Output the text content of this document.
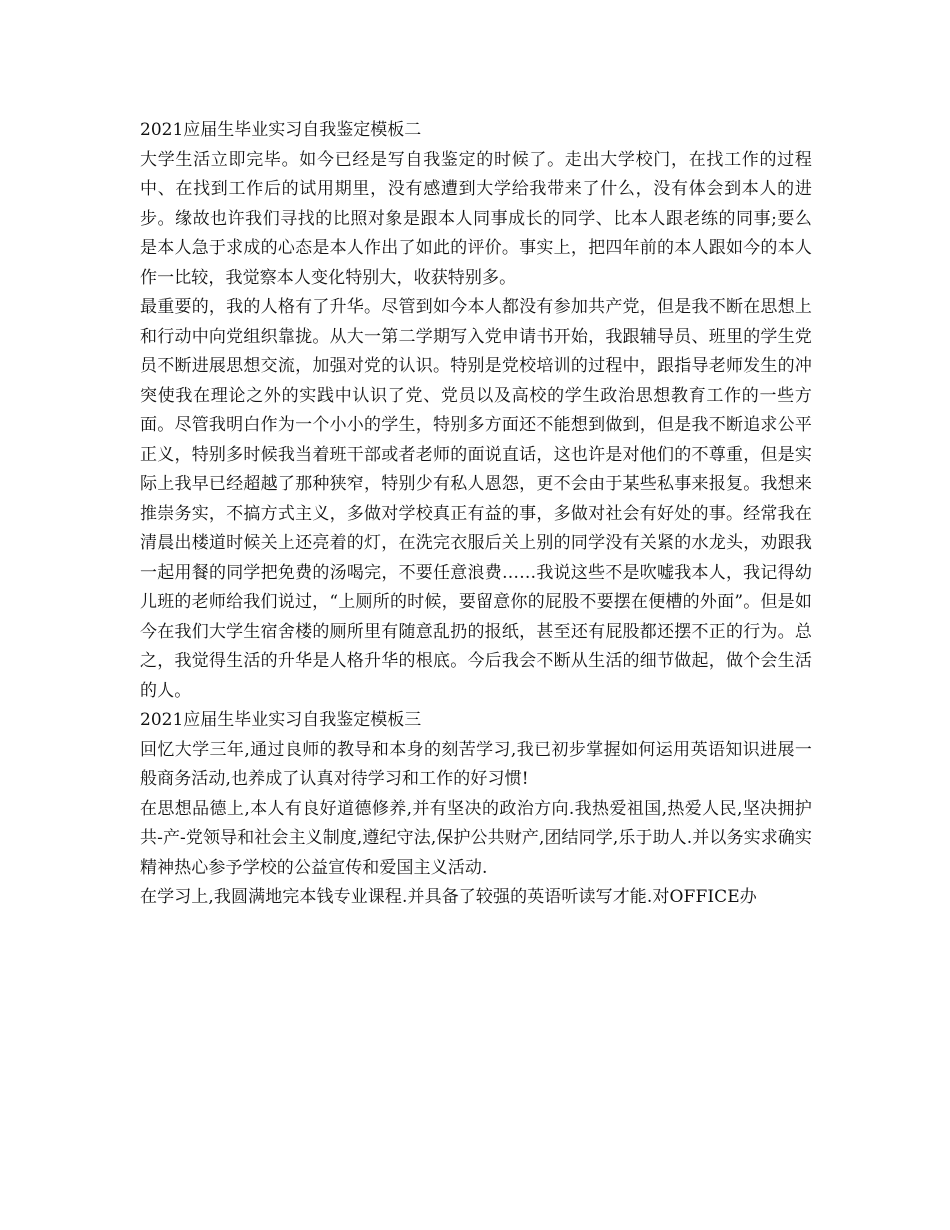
2021应届生毕业实习自我鉴定模板二

大学生活立即完毕。如今已经是写自我鉴定的时候了。走出大学校门，在找工作的过程中、在找到工作后的试用期里，没有感遭到大学给我带来了什么，没有体会到本人的进步。缘故也许我们寻找的比照对象是跟本人同事成长的同学、比本人跟老练的同事;要么是本人急于求成的心态是本人作出了如此的评价。事实上，把四年前的本人跟如今的本人作一比较，我觉察本人变化特别大，收获特别多。

最重要的，我的人格有了升华。尽管到如今本人都没有参加共产党，但是我不断在思想上和行动中向党组织靠拢。从大一第二学期写入党申请书开始，我跟辅导员、班里的学生党员不断进展思想交流，加强对党的认识。特别是党校培训的过程中，跟指导老师发生的冲突使我在理论之外的实践中认识了党、党员以及高校的学生政治思想教育工作的一些方面。尽管我明白作为一个小小的学生，特别多方面还不能想到做到，但是我不断追求公平正义，特别多时候我当着班干部或者老师的面说直话，这也许是对他们的不尊重，但是实际上我早已经超越了那种狭窄，特别少有私人恩怨，更不会由于某些私事来报复。我想来推崇务实，不搞方式主义，多做对学校真正有益的事，多做对社会有好处的事。经常我在清晨出楼道时候关上还亮着的灯，在洗完衣服后关上别的同学没有关紧的水龙头，劝跟我一起用餐的同学把免费的汤喝完，不要任意浪费……我说这些不是吹嘘我本人，我记得幼儿班的老师给我们说过，“上厕所的时候，要留意你的屁股不要摆在便槽的外面”。但是如今在我们大学生宿舍楼的厕所里有随意乱扔的报纸，甚至还有屁股都还摆不正的行为。总之，我觉得生活的升华是人格升华的根底。今后我会不断从生活的细节做起，做个会生活的人。

2021应届生毕业实习自我鉴定模板三

回忆大学三年,通过良师的教导和本身的刻苦学习,我已初步掌握如何运用英语知识进展一般商务活动,也养成了认真对待学习和工作的好习惯!

在思想品德上,本人有良好道德修养,并有坚决的政治方向.我热爱祖国,热爱人民,坚决拥护共-产-党领导和社会主义制度,遵纪守法,保护公共财产,团结同学,乐于助人.并以务实求确实精神热心参予学校的公益宣传和爱国主义活动.

在学习上,我圆满地完本钱专业课程.并具备了较强的英语听读写才能.对OFFICE办
